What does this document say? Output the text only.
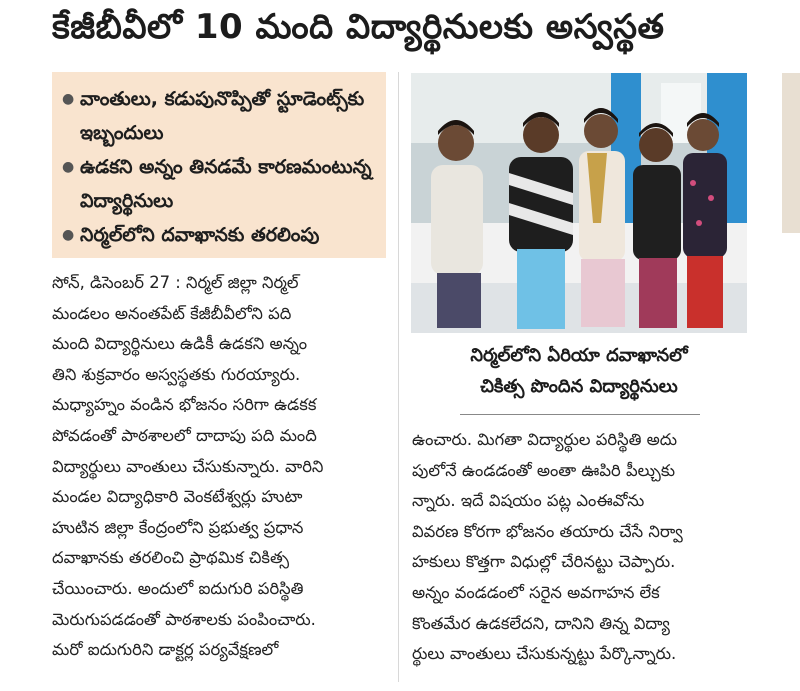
కేజీబీవీలో 10 మంది విద్యార్థినులకు అస్వస్థత
● వాంతులు, కడుపునొప్పితో స్టూడెంట్స్‌కు ఇబ్బందులు
● ఉడకని అన్నం తినడమే కారణమంటున్న విద్యార్థినులు
● నిర్మల్‌లోని దవాఖానకు తరలింపు
సోన్, డిసెంబర్ 27 : నిర్మల్ జిల్లా నిర్మల్
మండలం అనంతపేట్ కేజీబీవీలోని పది
మంది విద్యార్థినులు ఉడికీ ఉడకని అన్నం
తిని శుక్రవారం అస్వస్థతకు గురయ్యారు.
మధ్యాహ్నం వండిన భోజనం సరిగా ఉడకక
పోవడంతో పాఠశాలలో దాదాపు పది మంది
విద్యార్థులు వాంతులు చేసుకున్నారు. వారిని
మండల విద్యాధికారి వెంకటేశ్వర్లు హుటా
హుటిన జిల్లా కేంద్రంలోని ప్రభుత్వ ప్రధాన
దవాఖానకు తరలించి ప్రాథమిక చికిత్స
చేయించారు. అందులో ఐదుగురి పరిస్థితి
మెరుగుపడడంతో పాఠశాలకు పంపించారు.
మరో ఐదుగురిని డాక్టర్ల పర్యవేక్షణలో
నిర్మల్‌లోని ఏరియా దవాఖానలో
చికిత్స పొందిన విద్యార్థినులు
ఉంచారు. మిగతా విద్యార్థుల పరిస్థితి అదు
పులోనే ఉండడంతో అంతా ఊపిరి పీల్చుకు
న్నారు. ఇదే విషయం పట్ల ఎంఈవోను
వివరణ కోరగా భోజనం తయారు చేసే నిర్వా
హకులు కొత్తగా విధుల్లో చేరినట్టు చెప్పారు.
అన్నం వండడంలో సరైన అవగాహన లేక
కొంతమేర ఉడకలేదని, దానిని తిన్న విద్యా
ర్థులు వాంతులు చేసుకున్నట్టు పేర్కొన్నారు.
